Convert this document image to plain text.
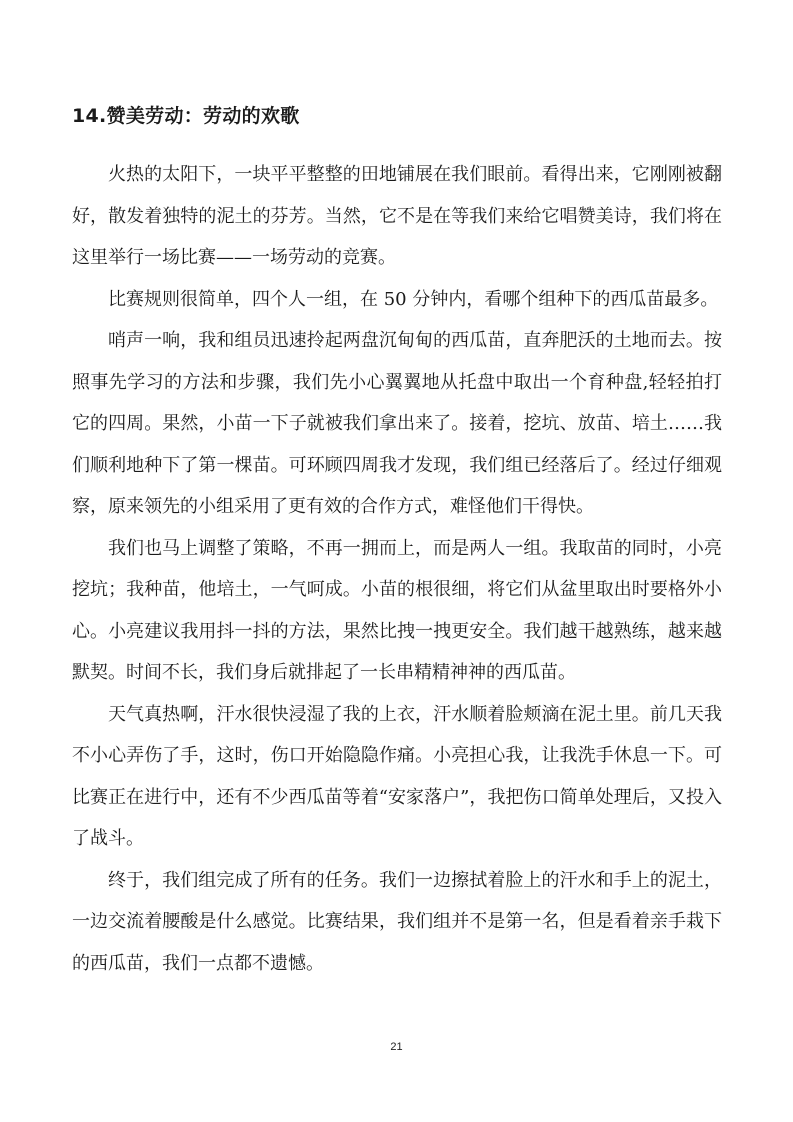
14.赞美劳动：劳动的欢歌

火热的太阳下，一块平平整整的田地铺展在我们眼前。看得出来，它刚刚被翻好，散发着独特的泥土的芬芳。当然，它不是在等我们来给它唱赞美诗，我们将在这里举行一场比赛——一场劳动的竞赛。

比赛规则很简单，四个人一组，在 50 分钟内，看哪个组种下的西瓜苗最多。

哨声一响，我和组员迅速拎起两盘沉甸甸的西瓜苗，直奔肥沃的土地而去。按照事先学习的方法和步骤，我们先小心翼翼地从托盘中取出一个育种盘,轻轻拍打它的四周。果然，小苗一下子就被我们拿出来了。接着，挖坑、放苗、培土……我们顺利地种下了第一棵苗。可环顾四周我才发现，我们组已经落后了。经过仔细观察，原来领先的小组采用了更有效的合作方式，难怪他们干得快。

我们也马上调整了策略，不再一拥而上，而是两人一组。我取苗的同时，小亮挖坑；我种苗，他培土，一气呵成。小苗的根很细，将它们从盆里取出时要格外小心。小亮建议我用抖一抖的方法，果然比拽一拽更安全。我们越干越熟练，越来越默契。时间不长，我们身后就排起了一长串精精神神的西瓜苗。

天气真热啊，汗水很快浸湿了我的上衣，汗水顺着脸颊滴在泥土里。前几天我不小心弄伤了手，这时，伤口开始隐隐作痛。小亮担心我，让我洗手休息一下。可比赛正在进行中，还有不少西瓜苗等着“安家落户”，我把伤口简单处理后，又投入了战斗。

终于，我们组完成了所有的任务。我们一边擦拭着脸上的汗水和手上的泥土，一边交流着腰酸是什么感觉。比赛结果，我们组并不是第一名，但是看着亲手栽下的西瓜苗，我们一点都不遗憾。

21
